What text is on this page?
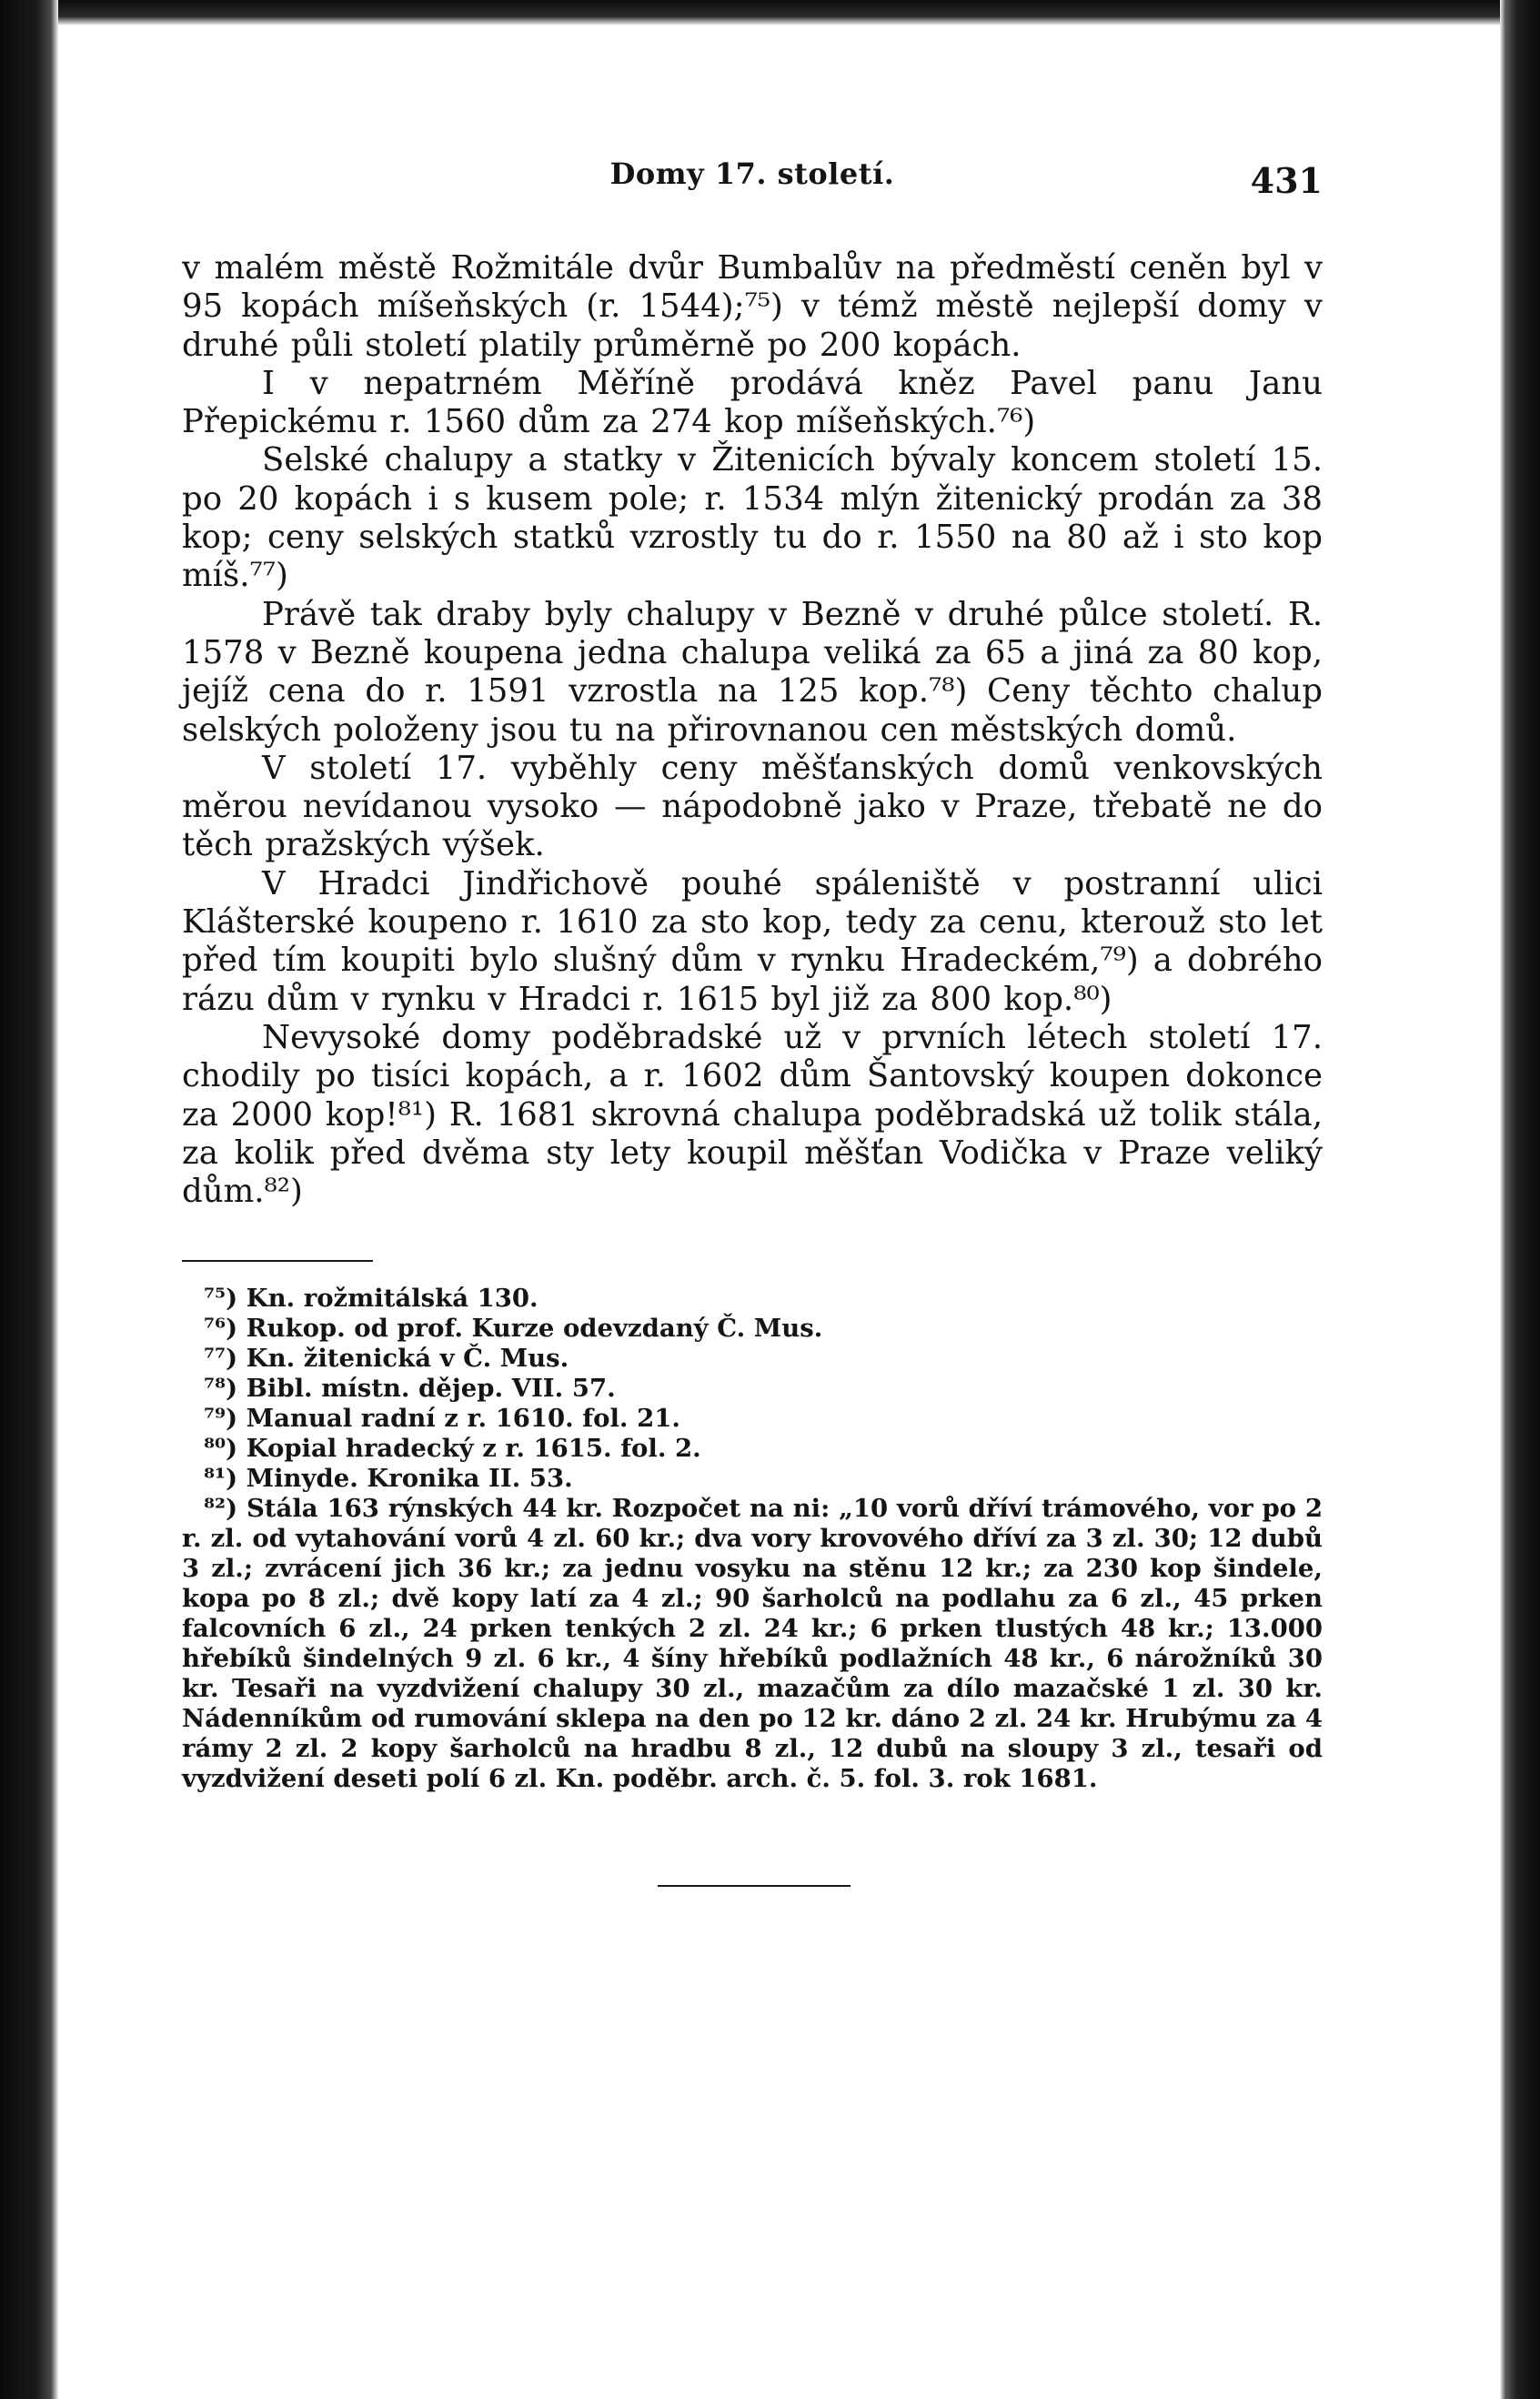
Domy 17. století.	431

v malém městě Rožmitále dvůr Bumbalův na předměstí ceněn byl v 95 kopách míšeňských (r. 1544);⁷⁵) v témž městě nejlepší domy v druhé půli století platily průměrně po 200 kopách.

I v nepatrném Měříně prodává kněz Pavel panu Janu Přepickému r. 1560 dům za 274 kop míšeňských.⁷⁶)

Selské chalupy a statky v Žitenicích bývaly koncem století 15. po 20 kopách i s kusem pole; r. 1534 mlýn žitenický prodán za 38 kop; ceny selských statků vzrostly tu do r. 1550 na 80 až i sto kop míš.⁷⁷)

Právě tak draby byly chalupy v Bezně v druhé půlce století. R. 1578 v Bezně koupena jedna chalupa veliká za 65 a jiná za 80 kop, jejíž cena do r. 1591 vzrostla na 125 kop.⁷⁸) Ceny těchto chalup selských položeny jsou tu na přirovnanou cen městských domů.

V století 17. vyběhly ceny měšťanských domů venkovských měrou nevídanou vysoko — nápodobně jako v Praze, třebatě ne do těch pražských výšek.

V Hradci Jindřichově pouhé spáleniště v postranní ulici Klášterské koupeno r. 1610 za sto kop, tedy za cenu, kterouž sto let před tím koupiti bylo slušný dům v rynku Hradeckém,⁷⁹) a dobrého rázu dům v rynku v Hradci r. 1615 byl již za 800 kop.⁸⁰)

Nevysoké domy poděbradské už v prvních létech století 17. chodily po tisíci kopách, a r. 1602 dům Šantovský koupen dokonce za 2000 kop!⁸¹) R. 1681 skrovná chalupa poděbradská už tolik stála, za kolik před dvěma sty lety koupil měšťan Vodička v Praze veliký dům.⁸²)

⁷⁵) Kn. rožmitálská 130.

⁷⁶) Rukop. od prof. Kurze odevzdaný Č. Mus.

⁷⁷) Kn. žitenická v Č. Mus.

⁷⁸) Bibl. místn. dějep. VII. 57.

⁷⁹) Manual radní z r. 1610. fol. 21.

⁸⁰) Kopial hradecký z r. 1615. fol. 2.

⁸¹) Minyde. Kronika II. 53.

⁸²) Stála 163 rýnských 44 kr. Rozpočet na ni: „10 vorů dříví trámového, vor po 2 r. zl. od vytahování vorů 4 zl. 60 kr.; dva vory krovového dříví za 3 zl. 30; 12 dubů 3 zl.; zvrácení jich 36 kr.; za jednu vosyku na stěnu 12 kr.; za 230 kop šindele, kopa po 8 zl.; dvě kopy latí za 4 zl.; 90 šarholců na podlahu za 6 zl., 45 prken falcovních 6 zl., 24 prken tenkých 2 zl. 24 kr.; 6 prken tlustých 48 kr.; 13.000 hřebíků šindelných 9 zl. 6 kr., 4 šíny hřebíků podlažních 48 kr., 6 nárožníků 30 kr. Tesaři na vyzdvižení chalupy 30 zl., mazačům za dílo mazačské 1 zl. 30 kr. Nádenníkům od rumování sklepa na den po 12 kr. dáno 2 zl. 24 kr. Hrubýmu za 4 rámy 2 zl. 2 kopy šarholců na hradbu 8 zl., 12 dubů na sloupy 3 zl., tesaři od vyzdvižení deseti polí 6 zl. Kn. poděbr. arch. č. 5. fol. 3. rok 1681.
